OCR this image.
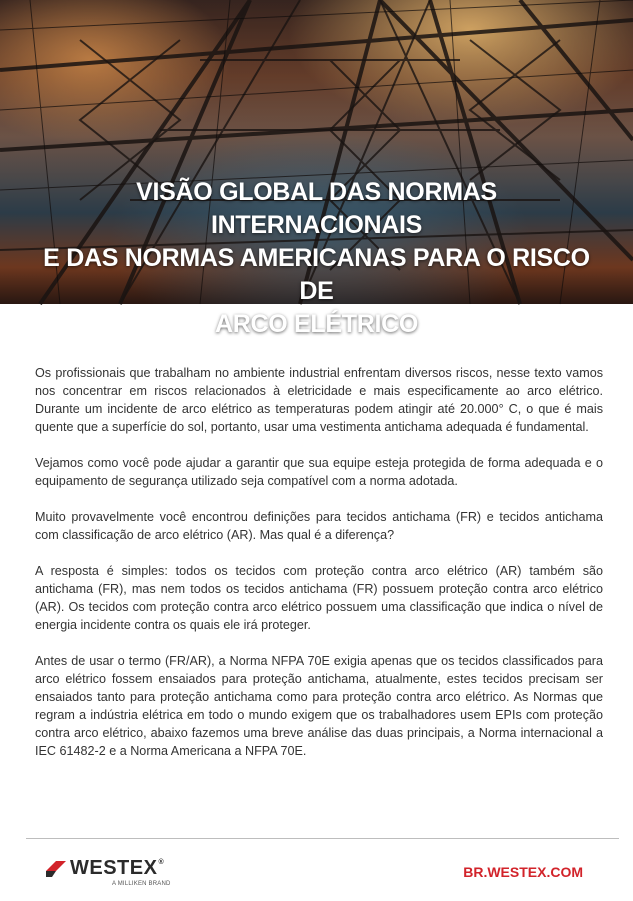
VISÃO GLOBAL DAS NORMAS INTERNACIONAIS
E DAS NORMAS AMERICANAS PARA O RISCO DE
ARCO ELÉTRICO

Os profissionais que trabalham no ambiente industrial enfrentam diversos riscos, nesse texto vamos nos concentrar em riscos relacionados à eletricidade e mais especificamente ao arco elétrico. Durante um incidente de arco elétrico as temperaturas podem atingir até 20.000° C, o que é mais quente que a superfície do sol, portanto, usar uma vestimenta antichama adequada é fundamental.

Vejamos como você pode ajudar a garantir que sua equipe esteja protegida de forma adequada e o equipamento de segurança utilizado seja compatível com a norma adotada.

Muito provavelmente você encontrou definições para tecidos antichama (FR) e tecidos antichama com classificação de arco elétrico (AR). Mas qual é a diferença?

A resposta é simples: todos os tecidos com proteção contra arco elétrico (AR) também são antichama (FR), mas nem todos os tecidos antichama (FR) possuem proteção contra arco elétrico (AR). Os tecidos com proteção contra arco elétrico possuem uma classificação que indica o nível de energia incidente contra os quais ele irá proteger.

Antes de usar o termo (FR/AR), a Norma NFPA 70E exigia apenas que os tecidos classificados para arco elétrico fossem ensaiados para proteção antichama, atualmente, estes tecidos precisam ser ensaiados tanto para proteção antichama como para proteção contra arco elétrico. As Normas que regram a indústria elétrica em todo o mundo exigem que os trabalhadores usem EPIs com proteção contra arco elétrico, abaixo fazemos uma breve análise das duas principais, a Norma internacional a IEC 61482-2 e a Norma Americana a NFPA 70E.

WESTEX®
A MILLIKEN BRAND
BR.WESTEX.COM
